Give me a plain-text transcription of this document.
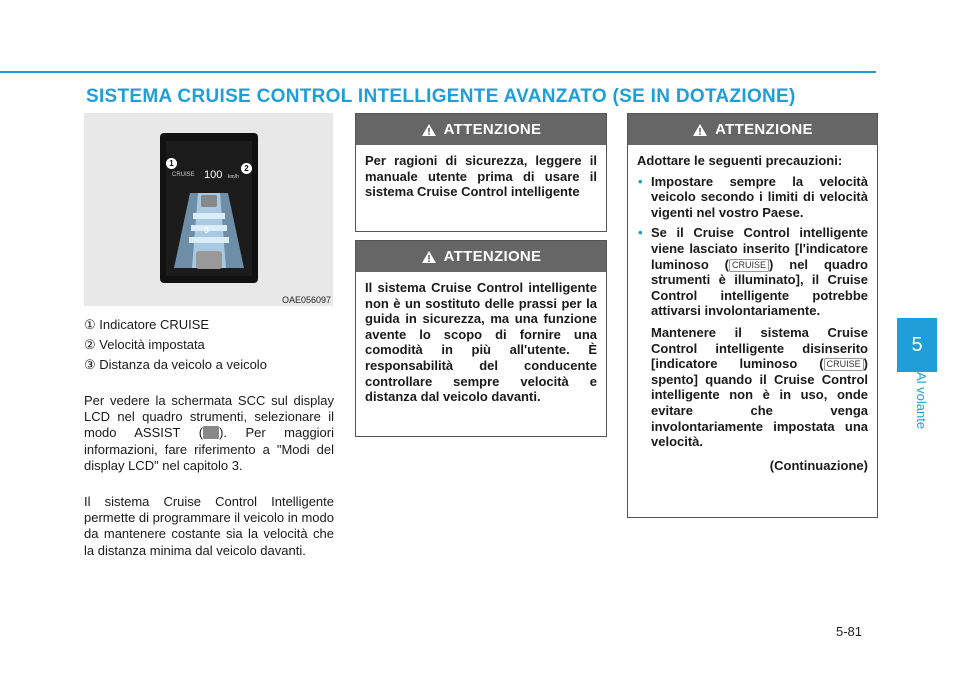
SISTEMA CRUISE CONTROL INTELLIGENTE AVANZATO (SE IN DOTAZIONE)
5
Al volante
CRUISE 100 km/h
1
2
3
OAE056097
① Indicatore CRUISE
② Velocità impostata
③ Distanza da veicolo a veicolo
Per vedere la schermata SCC sul display LCD nel quadro strumenti, selezionare il modo ASSIST ( ). Per maggiori informazioni, fare riferimento a "Modi del display LCD" nel capitolo 3.
Il sistema Cruise Control Intelligente permette di programmare il veicolo in modo da mantenere costante sia la velocità che la distanza minima dal veicolo davanti.
ATTENZIONE
Per ragioni di sicurezza, leggere il manuale utente prima di usare il sistema Cruise Control intelligente
ATTENZIONE
Il sistema Cruise Control intelligente non è un sostituto delle prassi per la guida in sicurezza, ma una funzione avente lo scopo di fornire una comodità in più all'utente. È responsabilità del conducente controllare sempre velocità e distanza dal veicolo davanti.
ATTENZIONE

Adottare le seguenti precauzioni:

• Impostare sempre la velocità veicolo secondo i limiti di velocità vigenti nel vostro Paese.
• Se il Cruise Control intelligente viene lasciato inserito [l'indicatore luminoso ( CRUISE ) nel quadro strumenti è illuminato], il Cruise Control intelligente potrebbe attivarsi involontariamente.

Mantenere il sistema Cruise Control intelligente disinserito [indicatore luminoso ( CRUISE ) spento] quando il Cruise Control intelligente non è in uso, onde evitare che venga involontariamente impostata una velocità.

(Continuazione)

5-81
